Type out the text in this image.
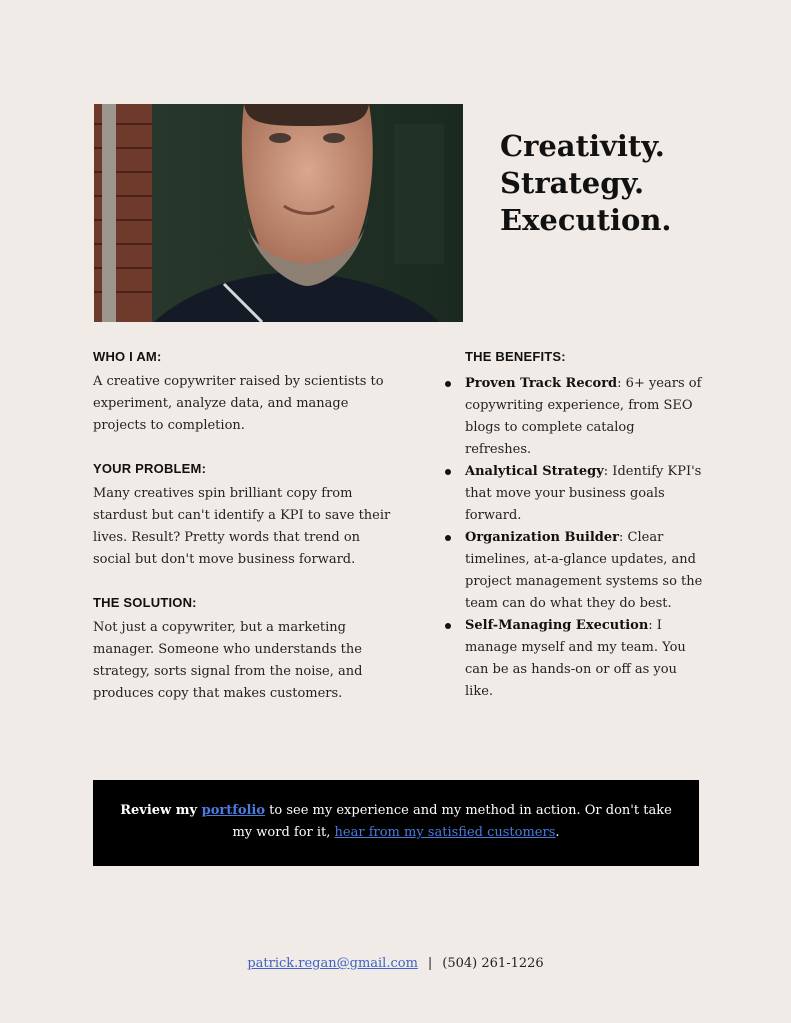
Creativity.
Strategy.
Execution.
WHO I AM:
A creative copywriter raised by scientists to experiment, analyze data, and manage projects to completion.
YOUR PROBLEM:
Many creatives spin brilliant copy from stardust but can't identify a KPI to save their lives. Result? Pretty words that trend on social but don't move business forward.
THE SOLUTION:
Not just a copywriter, but a marketing manager. Someone who understands the strategy, sorts signal from the noise, and produces copy that makes customers.
THE BENEFITS:
Proven Track Record: 6+ years of copywriting experience, from SEO blogs to complete catalog refreshes.
Analytical Strategy: Identify KPI's that move your business goals forward.
Organization Builder: Clear timelines, at-a-glance updates, and project management systems so the team can do what they do best.
Self-Managing Execution: I manage myself and my team. You can be as hands-on or off as you like.
Review my portfolio to see my experience and my method in action. Or don't take my word for it, hear from my satisfied customers.
patrick.regan@gmail.com | (504) 261-1226
